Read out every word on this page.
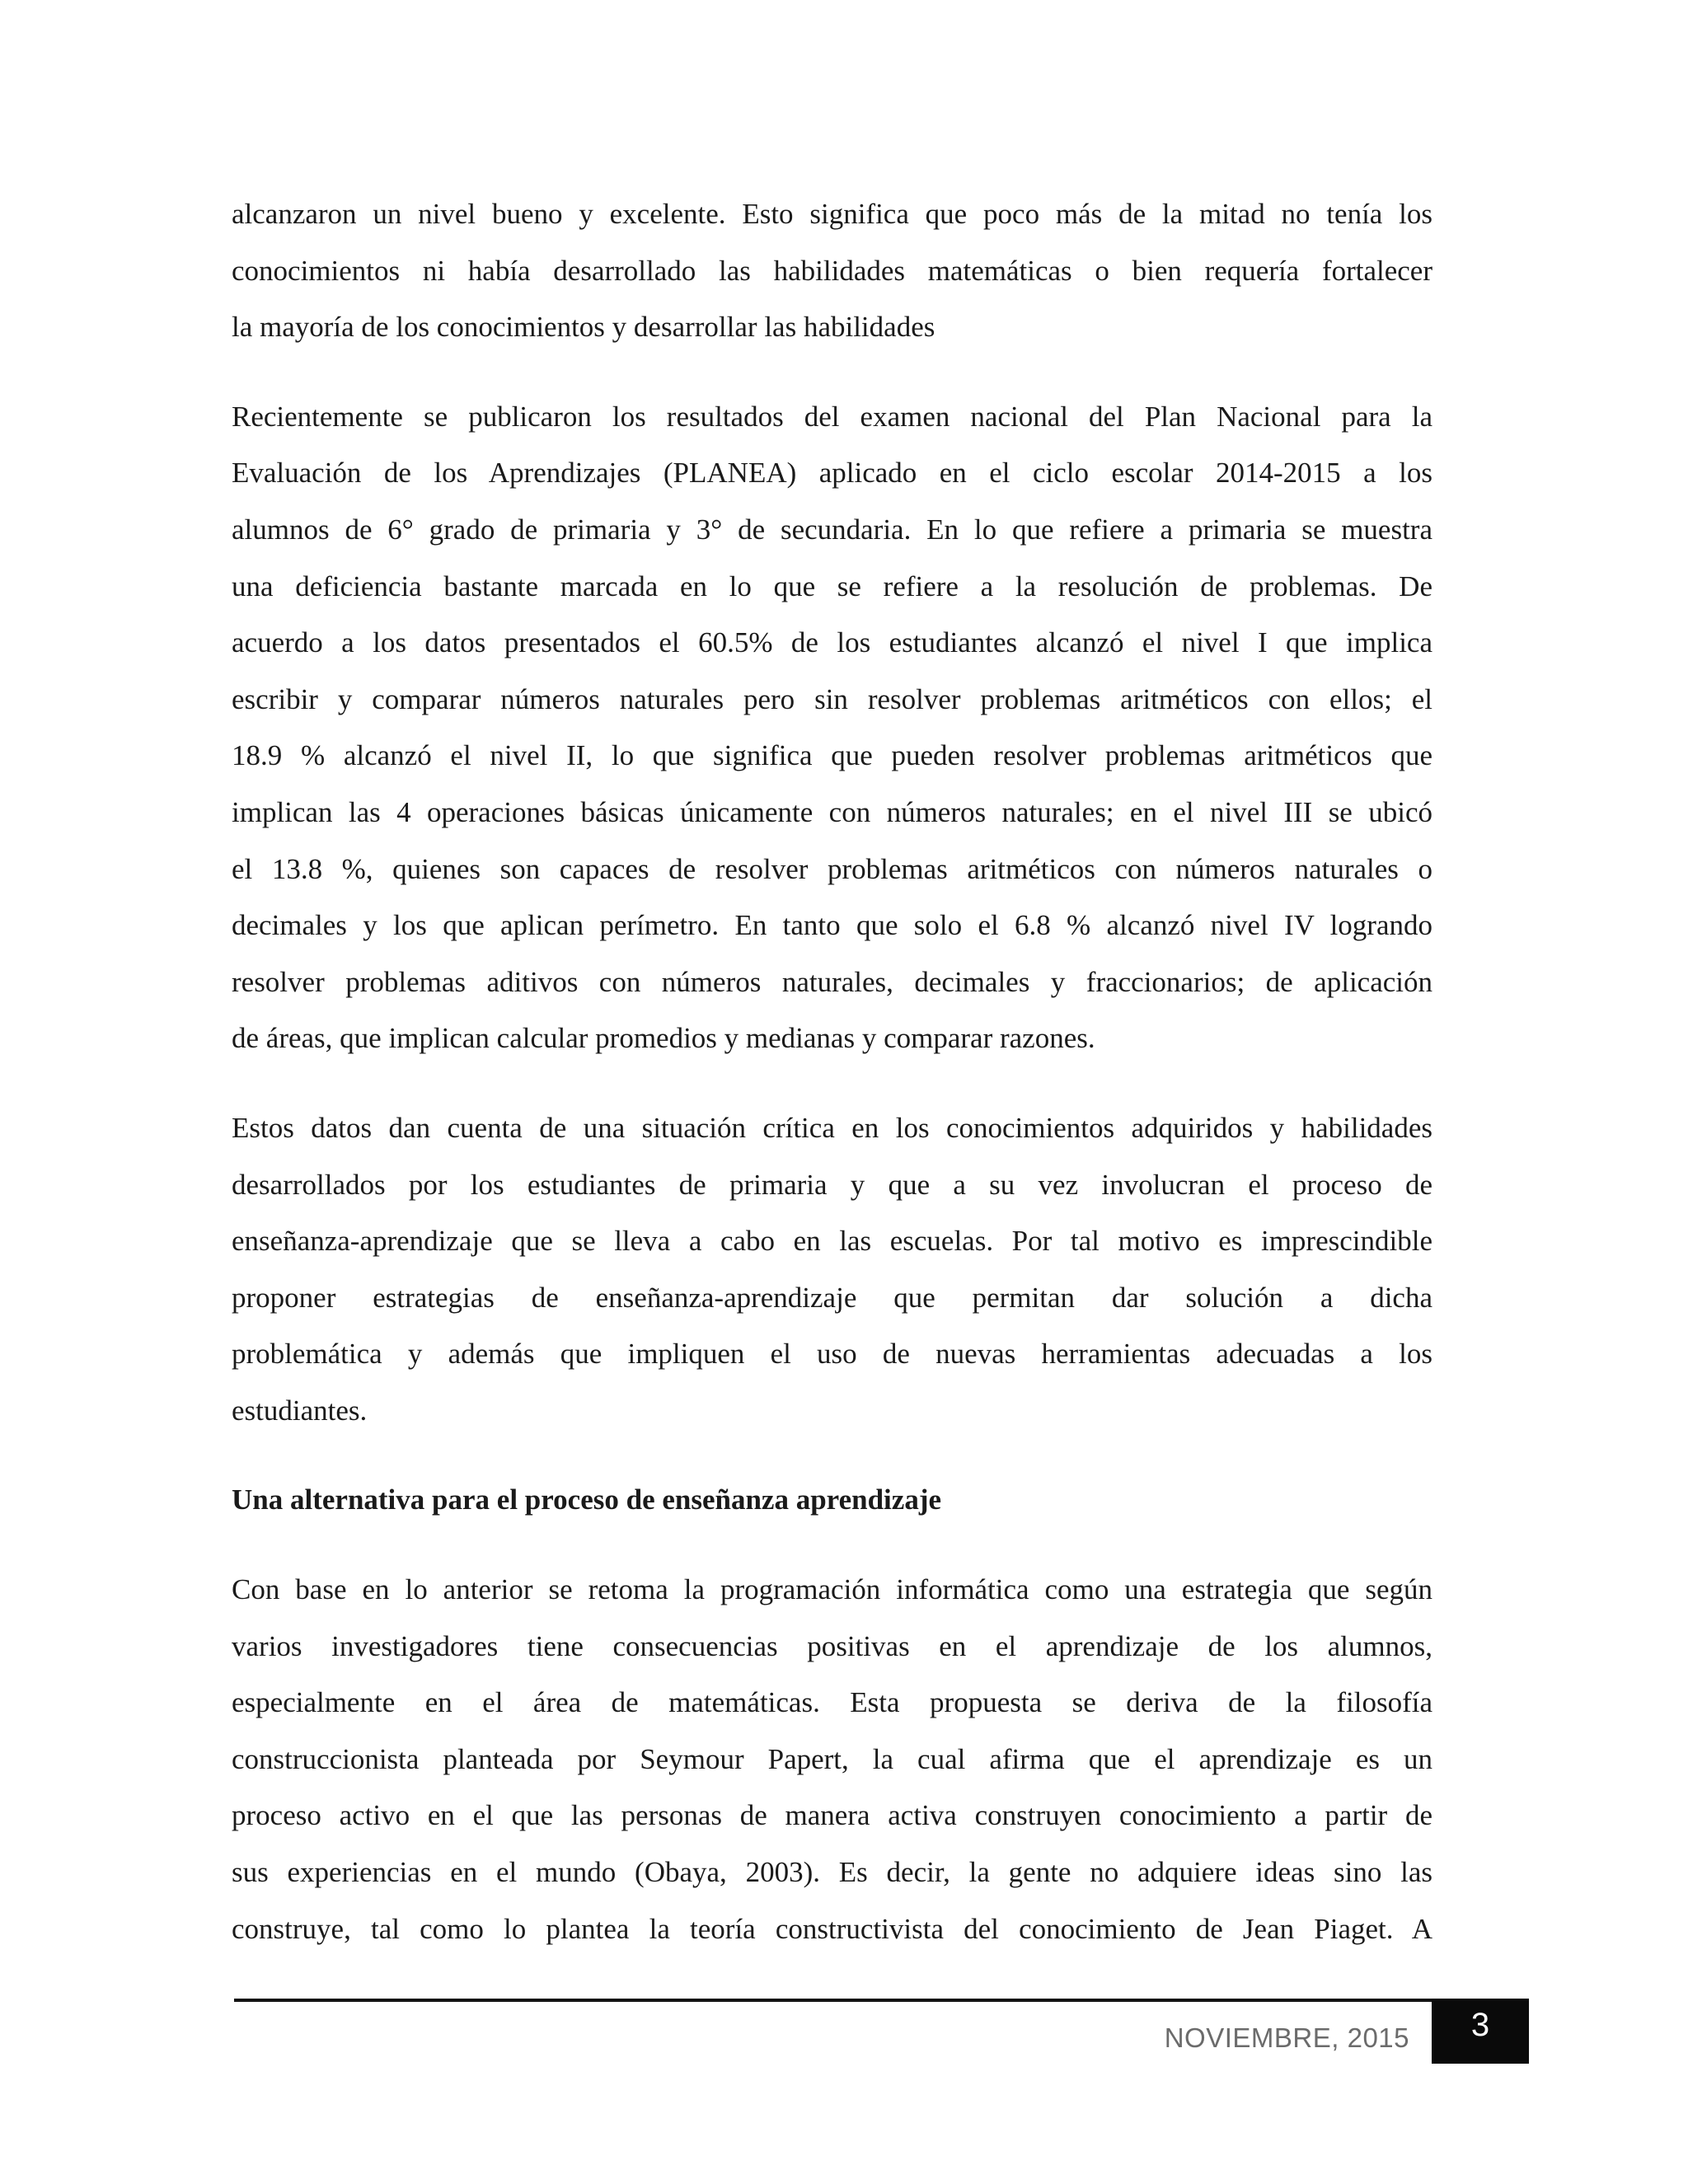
alcanzaron un nivel bueno y excelente. Esto significa que poco más de la mitad no tenía los
conocimientos ni había desarrollado las habilidades matemáticas o bien requería fortalecer
la mayoría de los conocimientos y desarrollar las habilidades

Recientemente se publicaron los resultados del examen nacional del Plan Nacional para la
Evaluación de los Aprendizajes (PLANEA) aplicado en el ciclo escolar 2014-2015 a los
alumnos de 6° grado de primaria y 3° de secundaria. En lo que refiere a primaria se muestra
una deficiencia bastante marcada en lo que se refiere a la resolución de problemas. De
acuerdo a los datos presentados el 60.5% de los estudiantes alcanzó el nivel I que implica
escribir y comparar números naturales pero sin resolver problemas aritméticos con ellos; el
18.9 % alcanzó el nivel II, lo que significa que pueden resolver problemas aritméticos que
implican las 4 operaciones básicas únicamente con números naturales; en el nivel III se ubicó
el 13.8 %, quienes son capaces de resolver problemas aritméticos con números naturales o
decimales y los que aplican perímetro. En tanto que solo el 6.8 % alcanzó nivel IV logrando
resolver problemas aditivos con números naturales, decimales y fraccionarios; de aplicación
de áreas, que implican calcular promedios y medianas y comparar razones.

Estos datos dan cuenta de una situación crítica en los conocimientos adquiridos y habilidades
desarrollados por los estudiantes de primaria y que a su vez involucran el proceso de
enseñanza-aprendizaje que se lleva a cabo en las escuelas. Por tal motivo es imprescindible
proponer estrategias de enseñanza-aprendizaje que permitan dar solución a dicha
problemática y además que impliquen el uso de nuevas herramientas adecuadas a los
estudiantes.

Una alternativa para el proceso de enseñanza aprendizaje

Con base en lo anterior se retoma la programación informática como una estrategia que según
varios investigadores tiene consecuencias positivas en el aprendizaje de los alumnos,
especialmente en el área de matemáticas. Esta propuesta se deriva de la filosofía
construccionista planteada por Seymour Papert, la cual afirma que el aprendizaje es un
proceso activo en el que las personas de manera activa construyen conocimiento a partir de
sus experiencias en el mundo (Obaya, 2003). Es decir, la gente no adquiere ideas sino las
construye, tal como lo plantea la teoría constructivista del conocimiento de Jean Piaget. A

NOVIEMBRE, 2015	3
